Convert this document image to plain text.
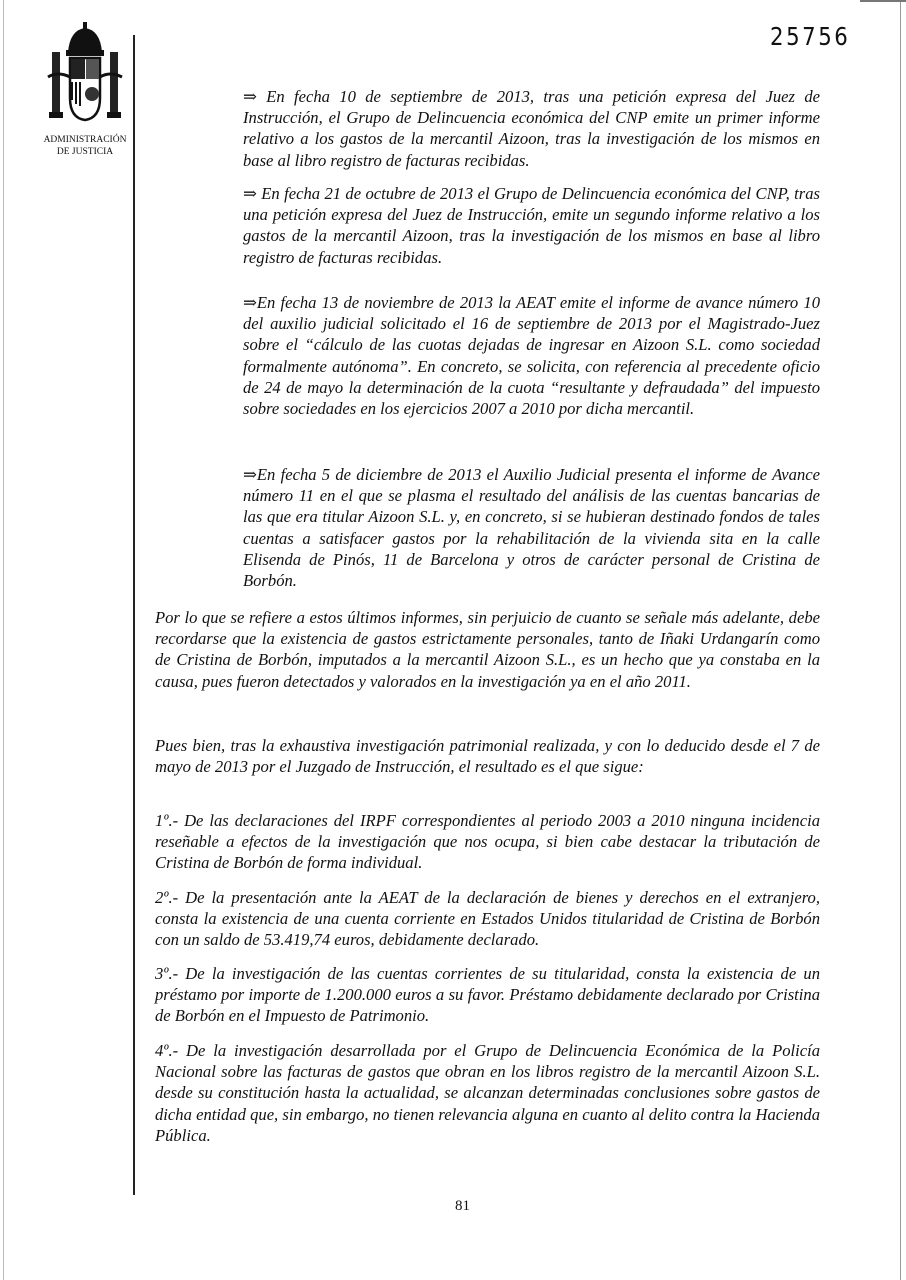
ADMINISTRACIÓN
DE JUSTICIA
25756
⇒ En fecha 10 de septiembre de 2013, tras una petición expresa del Juez de Instrucción, el Grupo de Delincuencia económica del CNP emite un primer informe relativo a los gastos de la mercantil Aizoon, tras la investigación de los mismos en base al libro registro de facturas recibidas.
⇒ En fecha 21 de octubre de 2013 el Grupo de Delincuencia económica del CNP, tras una petición expresa del Juez de Instrucción, emite un segundo informe relativo a los gastos de la mercantil Aizoon, tras la investigación de los mismos en base al libro registro de facturas recibidas.
⇒En fecha 13 de noviembre de 2013 la AEAT emite el informe de avance número 10 del auxilio judicial solicitado el 16 de septiembre de 2013 por el Magistrado-Juez sobre el “cálculo de las cuotas dejadas de ingresar en Aizoon S.L. como sociedad formalmente autónoma”. En concreto, se solicita, con referencia al precedente oficio de 24 de mayo la determinación de la cuota “resultante y defraudada” del impuesto sobre sociedades en los ejercicios 2007 a 2010 por dicha mercantil.
⇒En fecha 5 de diciembre de 2013 el Auxilio Judicial presenta el informe de Avance número 11 en el que se plasma el resultado del análisis de las cuentas bancarias de las que era titular Aizoon S.L. y, en concreto, si se hubieran destinado fondos de tales cuentas a satisfacer gastos por la rehabilitación de la vivienda sita en la calle Elisenda de Pinós, 11 de Barcelona y otros de carácter personal de Cristina de Borbón.
Por lo que se refiere a estos últimos informes, sin perjuicio de cuanto se señale más adelante, debe recordarse que la existencia de gastos estrictamente personales, tanto de Iñaki Urdangarín como de Cristina de Borbón, imputados a la mercantil Aizoon S.L., es un hecho que ya constaba en la causa, pues fueron detectados y valorados en la investigación ya en el año 2011.
Pues bien, tras la exhaustiva investigación patrimonial realizada, y con lo deducido desde el 7 de mayo de 2013 por el Juzgado de Instrucción, el resultado es el que sigue:
1º.- De las declaraciones del IRPF correspondientes al periodo 2003 a 2010 ninguna incidencia reseñable a efectos de la investigación que nos ocupa, si bien cabe destacar la tributación de Cristina de Borbón de forma individual.
2º.- De la presentación ante la AEAT de la declaración de bienes y derechos en el extranjero, consta la existencia de una cuenta corriente en Estados Unidos titularidad de Cristina de Borbón con un saldo de 53.419,74 euros, debidamente declarado.
3º.- De la investigación de las cuentas corrientes de su titularidad, consta la existencia de un préstamo por importe de 1.200.000 euros a su favor. Préstamo debidamente declarado por Cristina de Borbón en el Impuesto de Patrimonio.
4º.- De la investigación desarrollada por el Grupo de Delincuencia Económica de la Policía Nacional sobre las facturas de gastos que obran en los libros registro de la mercantil Aizoon S.L. desde su constitución hasta la actualidad, se alcanzan determinadas conclusiones sobre gastos de dicha entidad que, sin embargo, no tienen relevancia alguna en cuanto al delito contra la Hacienda Pública.
81
